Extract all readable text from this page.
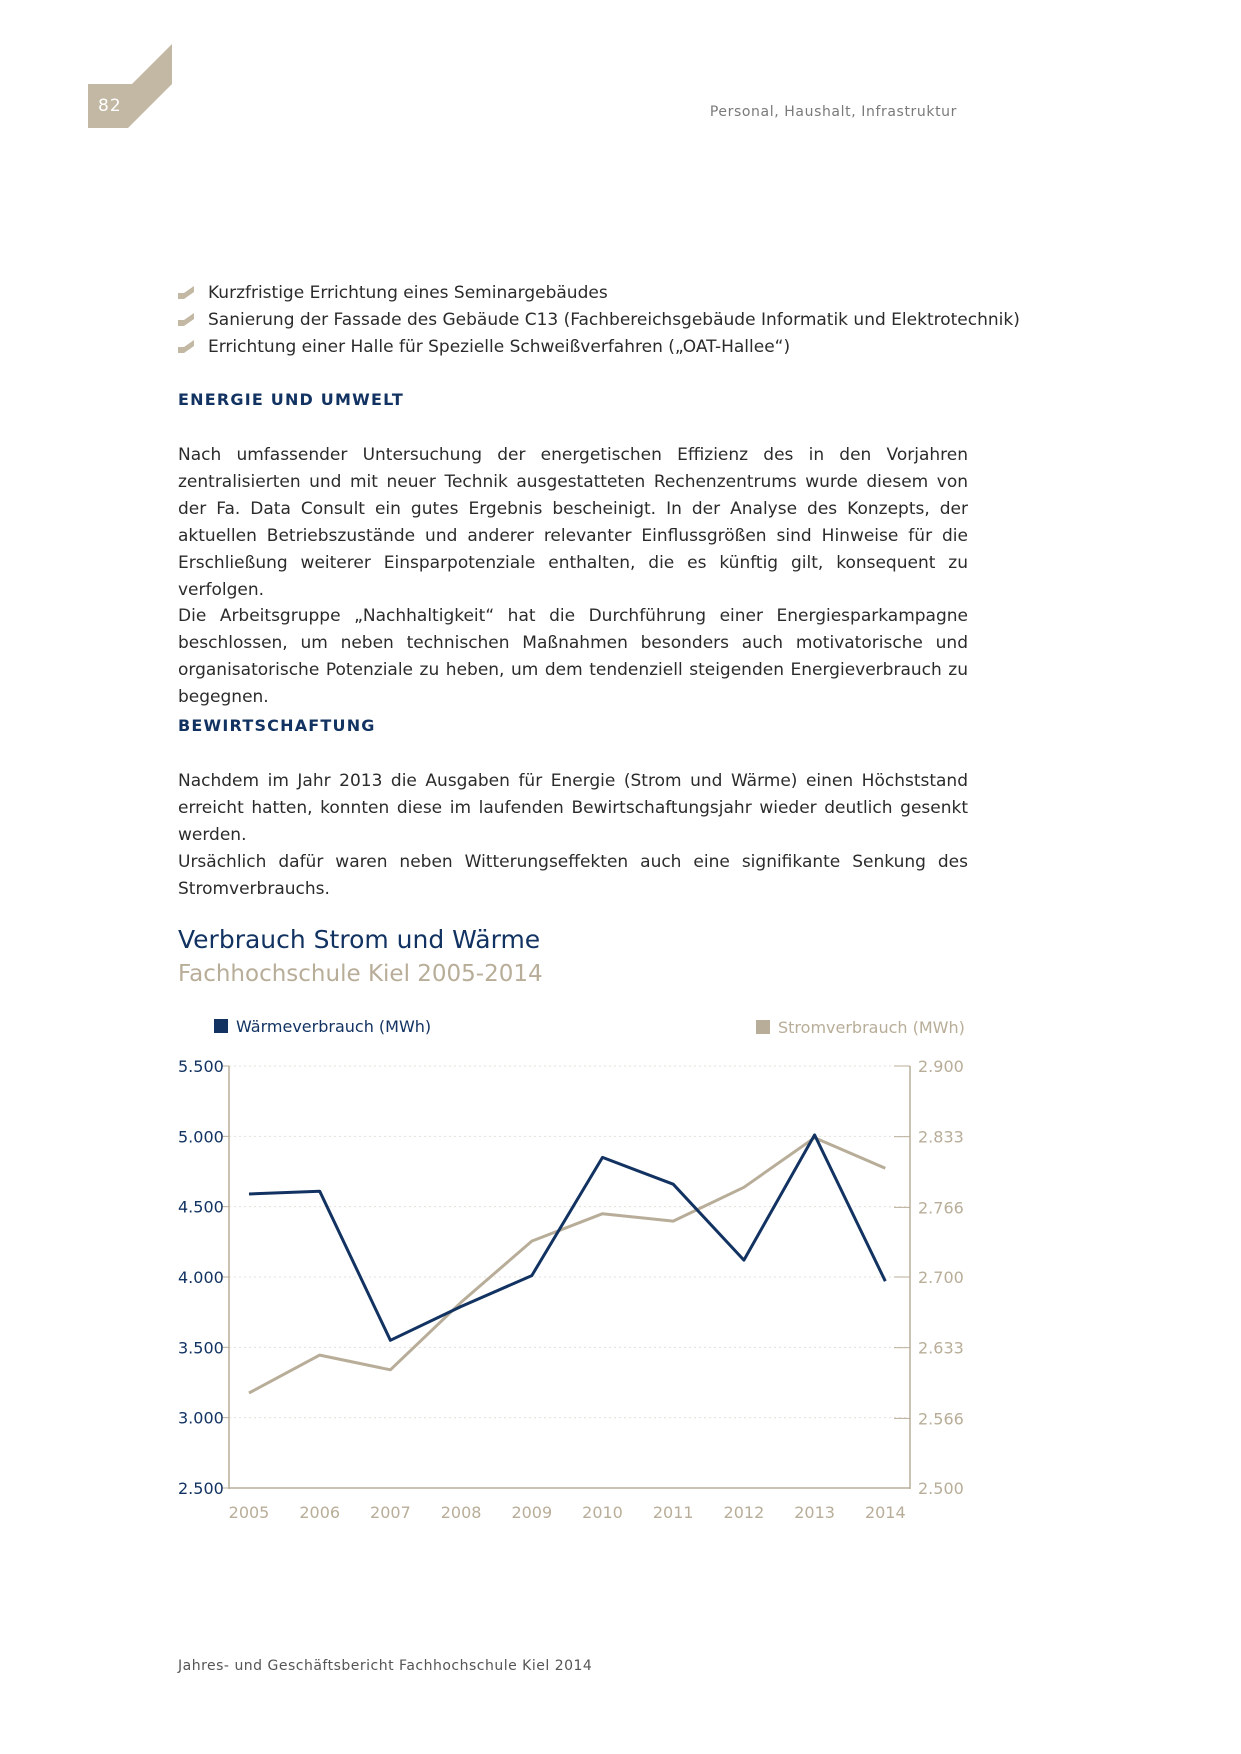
82	Personal, Haushalt, Infrastruktur
Kurzfristige Errichtung eines Seminargebäudes
Sanierung der Fassade des Gebäude C13 (Fachbereichsgebäude Informatik und Elektrotechnik)
Errichtung einer Halle für Spezielle Schweißverfahren („OAT-Hallee“)
ENERGIE UND UMWELT
Nach umfassender Untersuchung der energetischen Effizienz des in den Vorjahren zentralisierten und mit neuer Technik ausgestatteten Rechenzentrums wurde diesem von der Fa. Data Consult ein gutes Ergebnis bescheinigt. In der Analyse des Konzepts, der aktuellen Betriebszustände und anderer relevanter Einflussgrößen sind Hinweise für die Erschließung weiterer Einsparpotenziale enthalten, die es künftig gilt, konsequent zu verfolgen.
Die Arbeitsgruppe „Nachhaltigkeit“ hat die Durchführung einer Energiesparkampagne beschlossen, um neben technischen Maßnahmen besonders auch motivatorische und organisatorische Potenziale zu heben, um dem tendenziell steigenden Energieverbrauch zu begegnen.
BEWIRTSCHAFTUNG
Nachdem im Jahr 2013 die Ausgaben für Energie (Strom und Wärme) einen Höchststand erreicht hatten, konnten diese im laufenden Bewirtschaftungsjahr wieder deutlich gesenkt werden.
Ursächlich dafür waren neben Witterungseffekten auch eine signifikante Senkung des Stromverbrauchs.
Verbrauch Strom und Wärme
Fachhochschule Kiel 2005-2014
2.500
3.000
3.500
4.000
4.500
5.000
5.500
2.500
2.566
2.633
2.700
2.766
2.833
2.900
2005 2006 2007 2008 2009 2010 2011 2012 2013 2014
Wärmeverbrauch (MWh)	Stromverbrauch (MWh)
Jahres- und Geschäftsbericht Fachhochschule Kiel 2014
